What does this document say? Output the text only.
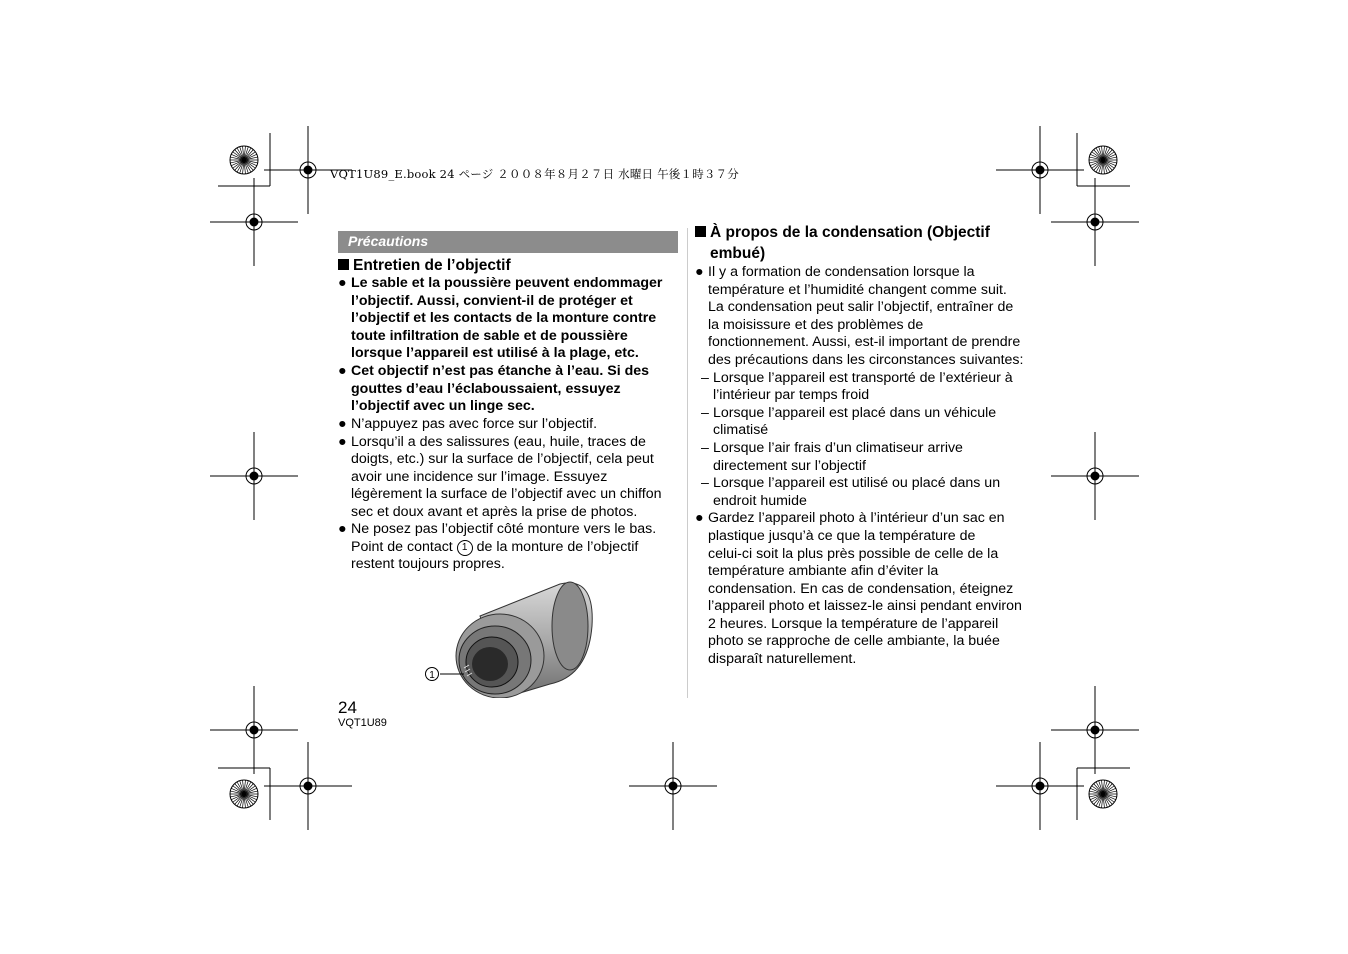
VQT1U89_E.book 24 ページ ２００８年８月２７日 水曜日 午後１時３７分
Précautions
Entretien de l’objectif
● Le sable et la poussière peuvent endommager
l’objectif. Aussi, convient-il de protéger et
l’objectif et les contacts de la monture contre
toute infiltration de sable et de poussière
lorsque l’appareil est utilisé à la plage, etc.
● Cet objectif n’est pas étanche à l’eau. Si des
gouttes d’eau l’éclaboussaient, essuyez
l’objectif avec un linge sec.
● N’appuyez pas avec force sur l’objectif.
● Lorsqu’il a des salissures (eau, huile, traces de
doigts, etc.) sur la surface de l’objectif, cela peut
avoir une incidence sur l’image. Essuyez
légèrement la surface de l’objectif avec un chiffon
sec et doux avant et après la prise de photos.
● Ne posez pas l’objectif côté monture vers le bas.
Point de contact 1 de la monture de l’objectif
restent toujours propres.
1
À propos de la condensation (Objectif
embué)
● Il y a formation de condensation lorsque la
température et l’humidité changent comme suit.
La condensation peut salir l’objectif, entraîner de
la moisissure et des problèmes de
fonctionnement. Aussi, est-il important de prendre
des précautions dans les circonstances suivantes:
– Lorsque l’appareil est transporté de l’extérieur à
l’intérieur par temps froid
– Lorsque l’appareil est placé dans un véhicule
climatisé
– Lorsque l’air frais d’un climatiseur arrive
directement sur l’objectif
– Lorsque l’appareil est utilisé ou placé dans un
endroit humide
● Gardez l’appareil photo à l’intérieur d’un sac en
plastique jusqu’à ce que la température de
celui-ci soit la plus près possible de celle de la
température ambiante afin d’éviter la
condensation. En cas de condensation, éteignez
l’appareil photo et laissez-le ainsi pendant environ
2 heures. Lorsque la température de l’appareil
photo se rapproche de celle ambiante, la buée
disparaît naturellement.
24
VQT1U89
